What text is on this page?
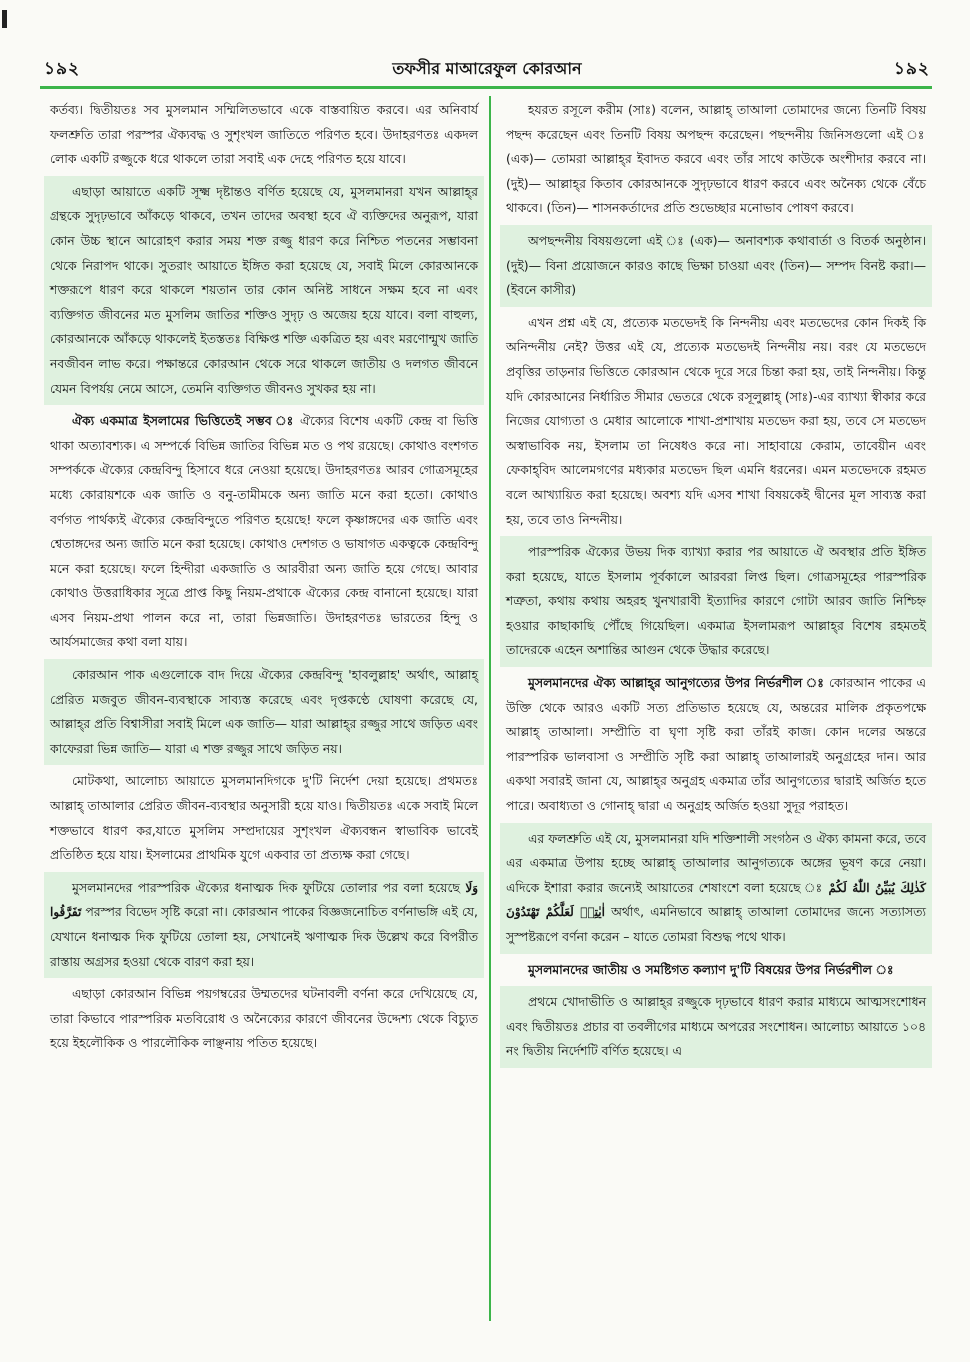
১৯২	তফসীর মাআরেফুল কোরআন	১৯২

কর্তব্য। দ্বিতীয়তঃ সব মুসলমান সম্মিলিতভাবে একে বাস্তবায়িত করবে। এর অনিবার্য ফলশ্রুতি তারা পরস্পর ঐক্যবদ্ধ ও সুশৃংখল জাতিতে পরিণত হবে। উদাহরণতঃ একদল লোক একটি রজ্জুকে ধরে থাকলে তারা সবাই এক দেহে পরিণত হয়ে যাবে।

এছাড়া আয়াতে একটি সূক্ষ্ম দৃষ্টান্তও বর্ণিত হয়েছে যে, মুসলমানরা যখন আল্লাহ্‌র গ্রন্থকে সুদৃঢ়ভাবে আঁকড়ে থাকবে, তখন তাদের অবস্থা হবে ঐ ব্যক্তিদের অনুরূপ, যারা কোন উচ্চ স্থানে আরোহণ করার সময় শক্ত রজ্জু ধারণ করে নিশ্চিত পতনের সম্ভাবনা থেকে নিরাপদ থাকে। সুতরাং আয়াতে ইঙ্গিত করা হয়েছে যে, সবাই মিলে কোরআনকে শক্তরূপে ধারণ করে থাকলে শয়তান তার কোন অনিষ্ট সাধনে সক্ষম হবে না এবং ব্যক্তিগত জীবনের মত মুসলিম জাতির শক্তিও সুদৃঢ় ও অজেয় হয়ে যাবে। বলা বাহুল্য, কোরআনকে আঁকড়ে থাকলেই ইতস্ততঃ বিক্ষিপ্ত শক্তি একত্রিত হয় এবং মরণোন্মুখ জাতি নবজীবন লাভ করে। পক্ষান্তরে কোরআন থেকে সরে থাকলে জাতীয় ও দলগত জীবনে যেমন বিপর্যয় নেমে আসে, তেমনি ব্যক্তিগত জীবনও সুখকর হয় না।

ঐক্য একমাত্র ইসলামের ভিত্তিতেই সম্ভব ঃ ঐক্যের বিশেষ একটি কেন্দ্র বা ভিত্তি থাকা অত্যাবশ্যক। এ সম্পর্কে বিভিন্ন জাতির বিভিন্ন মত ও পথ রয়েছে। কোথাও বংশগত সম্পর্ককে ঐক্যের কেন্দ্রবিন্দু হিসাবে ধরে নেওয়া হয়েছে। উদাহরণতঃ আরব গোত্রসমূহের মধ্যে কোরায়শকে এক জাতি ও বনু-তামীমকে অন্য জাতি মনে করা হতো। কোথাও বর্ণগত পার্থক্যই ঐক্যের কেন্দ্রবিন্দুতে পরিণত হয়েছে! ফলে কৃষ্ণাঙ্গদের এক জাতি এবং শ্বেতাঙ্গদের অন্য জাতি মনে করা হয়েছে। কোথাও দেশগত ও ভাষাগত একত্বকে কেন্দ্রবিন্দু মনে করা হয়েছে। ফলে হিন্দীরা একজাতি ও আরবীরা অন্য জাতি হয়ে গেছে। আবার কোথাও উত্তরাধিকার সূত্রে প্রাপ্ত কিছু নিয়ম-প্রথাকে ঐক্যের কেন্দ্র বানানো হয়েছে। যারা এসব নিয়ম-প্রথা পালন করে না, তারা ভিন্নজাতি। উদাহরণতঃ ভারতের হিন্দু ও আর্যসমাজের কথা বলা যায়।

কোরআন পাক এগুলোকে বাদ দিয়ে ঐক্যের কেন্দ্রবিন্দু 'হাবলুল্লাহ' অর্থাৎ, আল্লাহ্‌ প্রেরিত মজবুত জীবন-ব্যবস্থাকে সাব্যস্ত করেছে এবং দৃপ্তকণ্ঠে ঘোষণা করেছে যে, আল্লাহ্‌র প্রতি বিশ্বাসীরা সবাই মিলে এক জাতি— যারা আল্লাহ্‌র রজ্জুর সাথে জড়িত এবং কাফেররা ভিন্ন জাতি— যারা এ শক্ত রজ্জুর সাথে জড়িত নয়।

মোটকথা, আলোচ্য আয়াতে মুসলমানদিগকে দু'টি নির্দেশ দেয়া হয়েছে। প্রথমতঃ আল্লাহ্‌ তাআলার প্রেরিত জীবন-ব্যবস্থার অনুসারী হয়ে যাও। দ্বিতীয়তঃ একে সবাই মিলে শক্তভাবে ধারণ কর,যাতে মুসলিম সম্প্রদায়ের সুশৃংখল ঐক্যবন্ধন স্বাভাবিক ভাবেই প্রতিষ্ঠিত হয়ে যায়। ইসলামের প্রাথমিক যুগে একবার তা প্রত্যক্ষ করা গেছে।

মুসলমানদের পারস্পরিক ঐক্যের ধনাত্মক দিক ফুটিয়ে তোলার পর বলা হয়েছে وَلَا تَفَرَّقُوا পরস্পর বিভেদ সৃষ্টি করো না। কোরআন পাকের বিজ্ঞজনোচিত বর্ণনাভঙ্গি এই যে, যেখানে ধনাত্মক দিক ফুটিয়ে তোলা হয়, সেখানেই ঋণাত্মক দিক উল্লেখ করে বিপরীত রাস্তায় অগ্রসর হওয়া থেকে বারণ করা হয়।

এছাড়া কোরআন বিভিন্ন পয়গম্বরের উম্মতদের ঘটনাবলী বর্ণনা করে দেখিয়েছে যে, তারা কিভাবে পারস্পরিক মতবিরোধ ও অনৈক্যের কারণে জীবনের উদ্দেশ্য থেকে বিচ্যুত হয়ে ইহলৌকিক ও পারলৌকিক লাঞ্ছনায় পতিত হয়েছে।

হযরত রসূলে করীম (সাঃ) বলেন, আল্লাহ্‌ তাআলা তোমাদের জন্যে তিনটি বিষয় পছন্দ করেছেন এবং তিনটি বিষয় অপছন্দ করেছেন। পছন্দনীয় জিনিসগুলো এই ঃ (এক)— তোমরা আল্লাহ্‌র ইবাদত করবে এবং তাঁর সাথে কাউকে অংশীদার করবে না। (দুই)— আল্লাহ্‌র কিতাব কোরআনকে সুদৃঢ়ভাবে ধারণ করবে এবং অনৈক্য থেকে বেঁচে থাকবে। (তিন)— শাসনকর্তাদের প্রতি শুভেচ্ছার মনোভাব পোষণ করবে।

অপছন্দনীয় বিষয়গুলো এই ঃ (এক)— অনাবশ্যক কথাবার্তা ও বিতর্ক অনুষ্ঠান। (দুই)— বিনা প্রয়োজনে কারও কাছে ভিক্ষা চাওয়া এবং (তিন)— সম্পদ বিনষ্ট করা।— (ইবনে কাসীর)

এখন প্রশ্ন এই যে, প্রত্যেক মতভেদই কি নিন্দনীয় এবং মতভেদের কোন দিকই কি অনিন্দনীয় নেই? উত্তর এই যে, প্রত্যেক মতভেদই নিন্দনীয় নয়। বরং যে মতভেদে প্রবৃত্তির তাড়নার ভিত্তিতে কোরআন থেকে দূরে সরে চিন্তা করা হয়, তাই নিন্দনীয়। কিন্তু যদি কোরআনের নির্ধারিত সীমার ভেতরে থেকে রসূলুল্লাহ্‌ (সাঃ)-এর ব্যাখ্যা স্বীকার করে নিজের যোগ্যতা ও মেধার আলোকে শাখা-প্রশাখায় মতভেদ করা হয়, তবে সে মতভেদ অস্বাভাবিক নয়, ইসলাম তা নিষেধও করে না। সাহাবায়ে কেরাম, তাবেয়ীন এবং ফেকাহ্‌বিদ আলেমগণের মধ্যকার মতভেদ ছিল এমনি ধরনের। এমন মতভেদকে রহমত বলে আখ্যায়িত করা হয়েছে। অবশ্য যদি এসব শাখা বিষয়কেই দ্বীনের মূল সাব্যস্ত করা হয়, তবে তাও নিন্দনীয়।

পারস্পরিক ঐক্যের উভয় দিক ব্যাখ্যা করার পর আয়াতে ঐ অবস্থার প্রতি ইঙ্গিত করা হয়েছে, যাতে ইসলাম পূর্বকালে আরবরা লিপ্ত ছিল। গোত্রসমূহের পারস্পরিক শত্রুতা, কথায় কথায় অহরহ খুনখারাবী ইত্যাদির কারণে গোটা আরব জাতি নিশ্চিহ্ন হওয়ার কাছাকাছি পৌঁছে গিয়েছিল। একমাত্র ইসলামরূপ আল্লাহ্‌র বিশেষ রহমতই তাদেরকে এহেন অশান্তির আগুন থেকে উদ্ধার করেছে।

মুসলমানদের ঐক্য আল্লাহ্‌র আনুগত্যের উপর নির্ভরশীল ঃ কোরআন পাকের এ উক্তি থেকে আরও একটি সত্য প্রতিভাত হয়েছে যে, অন্তরের মালিক প্রকৃতপক্ষে আল্লাহ্‌ তাআলা। সম্প্রীতি বা ঘৃণা সৃষ্টি করা তাঁরই কাজ। কোন দলের অন্তরে পারস্পরিক ভালবাসা ও সম্প্রীতি সৃষ্টি করা আল্লাহ্‌ তাআলারই অনুগ্রহের দান। আর একথা সবারই জানা যে, আল্লাহ্‌র অনুগ্রহ একমাত্র তাঁর আনুগত্যের দ্বারাই অর্জিত হতে পারে। অবাধ্যতা ও গোনাহ্‌ দ্বারা এ অনুগ্রহ অর্জিত হওয়া সুদূর পরাহত।

এর ফলশ্রুতি এই যে, মুসলমানরা যদি শক্তিশালী সংগঠন ও ঐক্য কামনা করে, তবে এর একমাত্র উপায় হচ্ছে আল্লাহ্‌ তাআলার আনুগত্যকে অঙ্গের ভূষণ করে নেয়া। এদিকে ইশারা করার জন্যেই আয়াতের শেষাংশে বলা হয়েছে ঃ كَذٰلِكَ يُبَيِّنُ اللّٰهُ لَكُمْ اٰيٰتِهٖ لَعَلَّكُمْ تَهْتَدُوْنَ অর্থাৎ, এমনিভাবে আল্লাহ্‌ তাআলা তোমাদের জন্যে সত্যাসত্য সুস্পষ্টরূপে বর্ণনা করেন – যাতে তোমরা বিশুদ্ধ পথে থাক।

মুসলমানদের জাতীয় ও সমষ্টিগত কল্যাণ দু'টি বিষয়ের উপর নির্ভরশীল ঃ

প্রথমে খোদাভীতি ও আল্লাহ্‌র রজ্জুকে দৃঢ়ভাবে ধারণ করার মাধ্যমে আত্মসংশোধন এবং দ্বিতীয়তঃ প্রচার বা তবলীগের মাধ্যমে অপরের সংশোধন। আলোচ্য আয়াতে ১০৪ নং দ্বিতীয় নির্দেশটি বর্ণিত হয়েছে। এ
